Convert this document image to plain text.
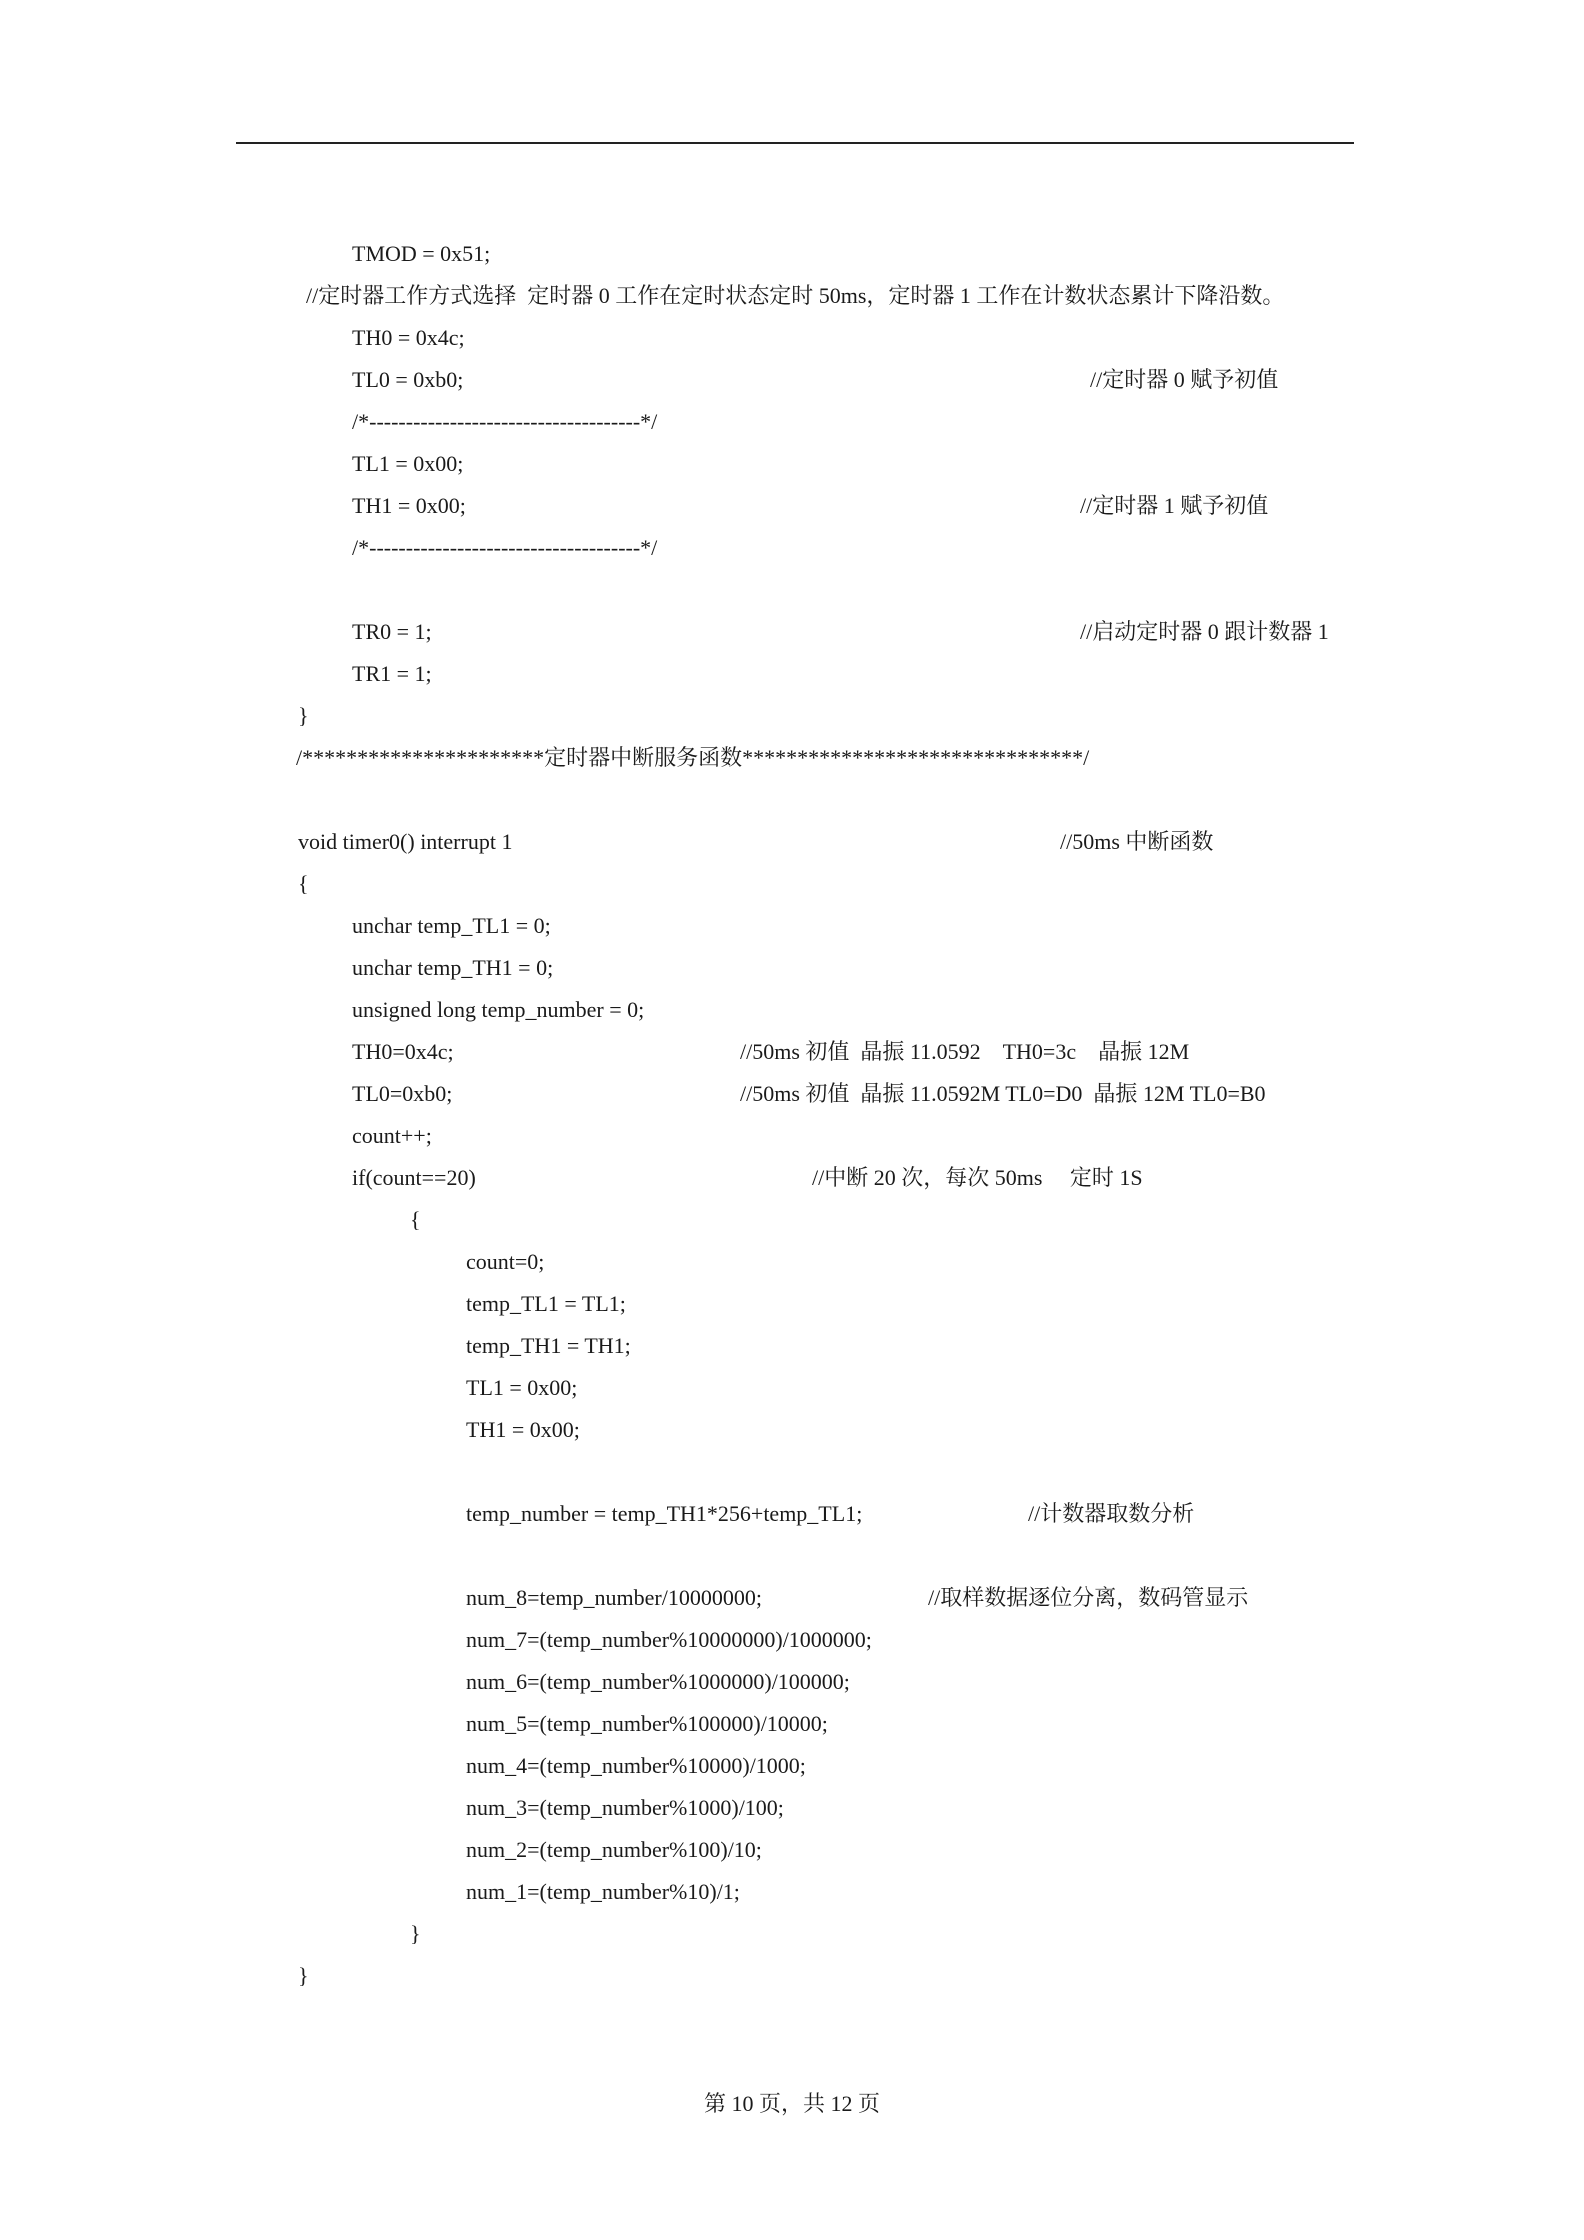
TMOD = 0x51;
//定时器工作方式选择  定时器 0 工作在定时状态定时 50ms，定时器 1 工作在计数状态累计下降沿数。
TH0 = 0x4c;
TL0 = 0xb0;	//定时器 0 赋予初值
/*-------------------------------------*/
TL1 = 0x00;
TH1 = 0x00;	//定时器 1 赋予初值
/*-------------------------------------*/
TR0 = 1;	//启动定时器 0 跟计数器 1
TR1 = 1;
}
/**********************定时器中断服务函数*******************************/
void timer0() interrupt 1	//50ms 中断函数
{
unchar temp_TL1 = 0;
unchar temp_TH1 = 0;
unsigned long temp_number = 0;
TH0=0x4c;	//50ms 初值  晶振 11.0592    TH0=3c    晶振 12M
TL0=0xb0;	//50ms 初值  晶振 11.0592M TL0=D0  晶振 12M TL0=B0
count++;
if(count==20)	//中断 20 次，每次 50ms     定时 1S
{
count=0;
temp_TL1 = TL1;
temp_TH1 = TH1;
TL1 = 0x00;
TH1 = 0x00;
temp_number = temp_TH1*256+temp_TL1;	//计数器取数分析
num_8=temp_number/10000000;	//取样数据逐位分离，数码管显示
num_7=(temp_number%10000000)/1000000;
num_6=(temp_number%1000000)/100000;
num_5=(temp_number%100000)/10000;
num_4=(temp_number%10000)/1000;
num_3=(temp_number%1000)/100;
num_2=(temp_number%100)/10;
num_1=(temp_number%10)/1;
}
}
第 10 页，共 12 页
